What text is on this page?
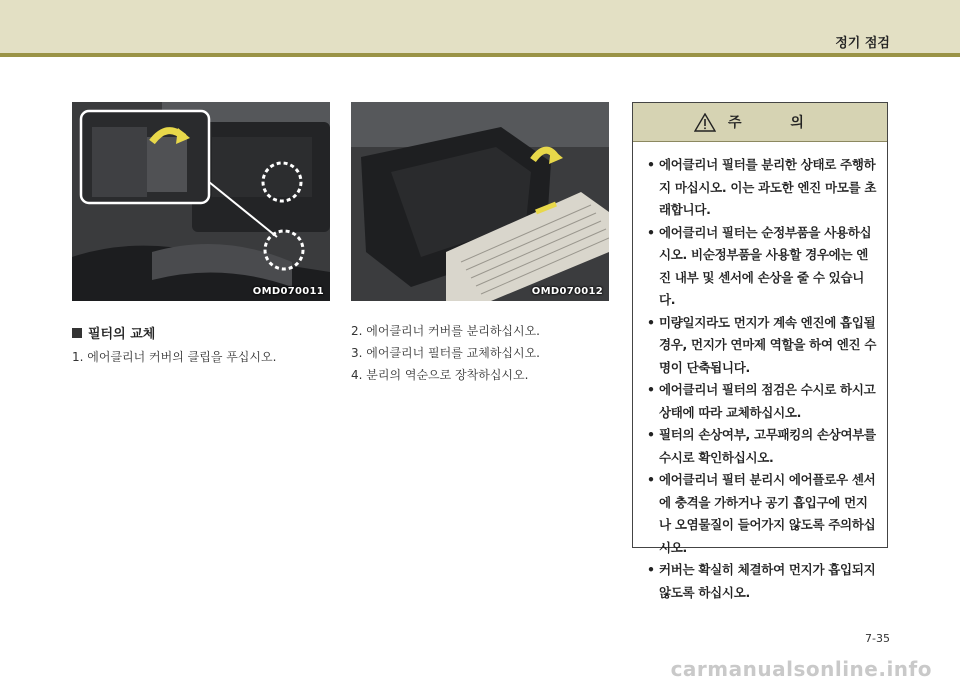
정기 점검
OMD070011	OMD070012
필터의 교체
1. 에어클리너 커버의 클립을 푸십시오.
2. 에어클리너 커버를 분리하십시오.
3. 에어클리너 필터를 교체하십시오.
4. 분리의 역순으로 장착하십시오.
주 의
• 에어클리너 필터를 분리한 상태로 주행하지 마십시오. 이는 과도한 엔진 마모를 초래합니다.
• 에어클리너 필터는 순정부품을 사용하십시오. 비순정부품을 사용할 경우에는 엔진 내부 및 센서에 손상을 줄 수 있습니다.
• 미량일지라도 먼지가 계속 엔진에 흡입될 경우, 먼지가 연마제 역할을 하여 엔진 수명이 단축됩니다.
• 에어클리너 필터의 점검은 수시로 하시고 상태에 따라 교체하십시오.
• 필터의 손상여부, 고무패킹의 손상여부를 수시로 확인하십시오.
• 에어클리너 필터 분리시 에어플로우 센서에 충격을 가하거나 공기 흡입구에 먼지나 오염물질이 들어가지 않도록 주의하십시오.
• 커버는 확실히 체결하여 먼지가 흡입되지 않도록 하십시오.
7-35
carmanualsonline.info
